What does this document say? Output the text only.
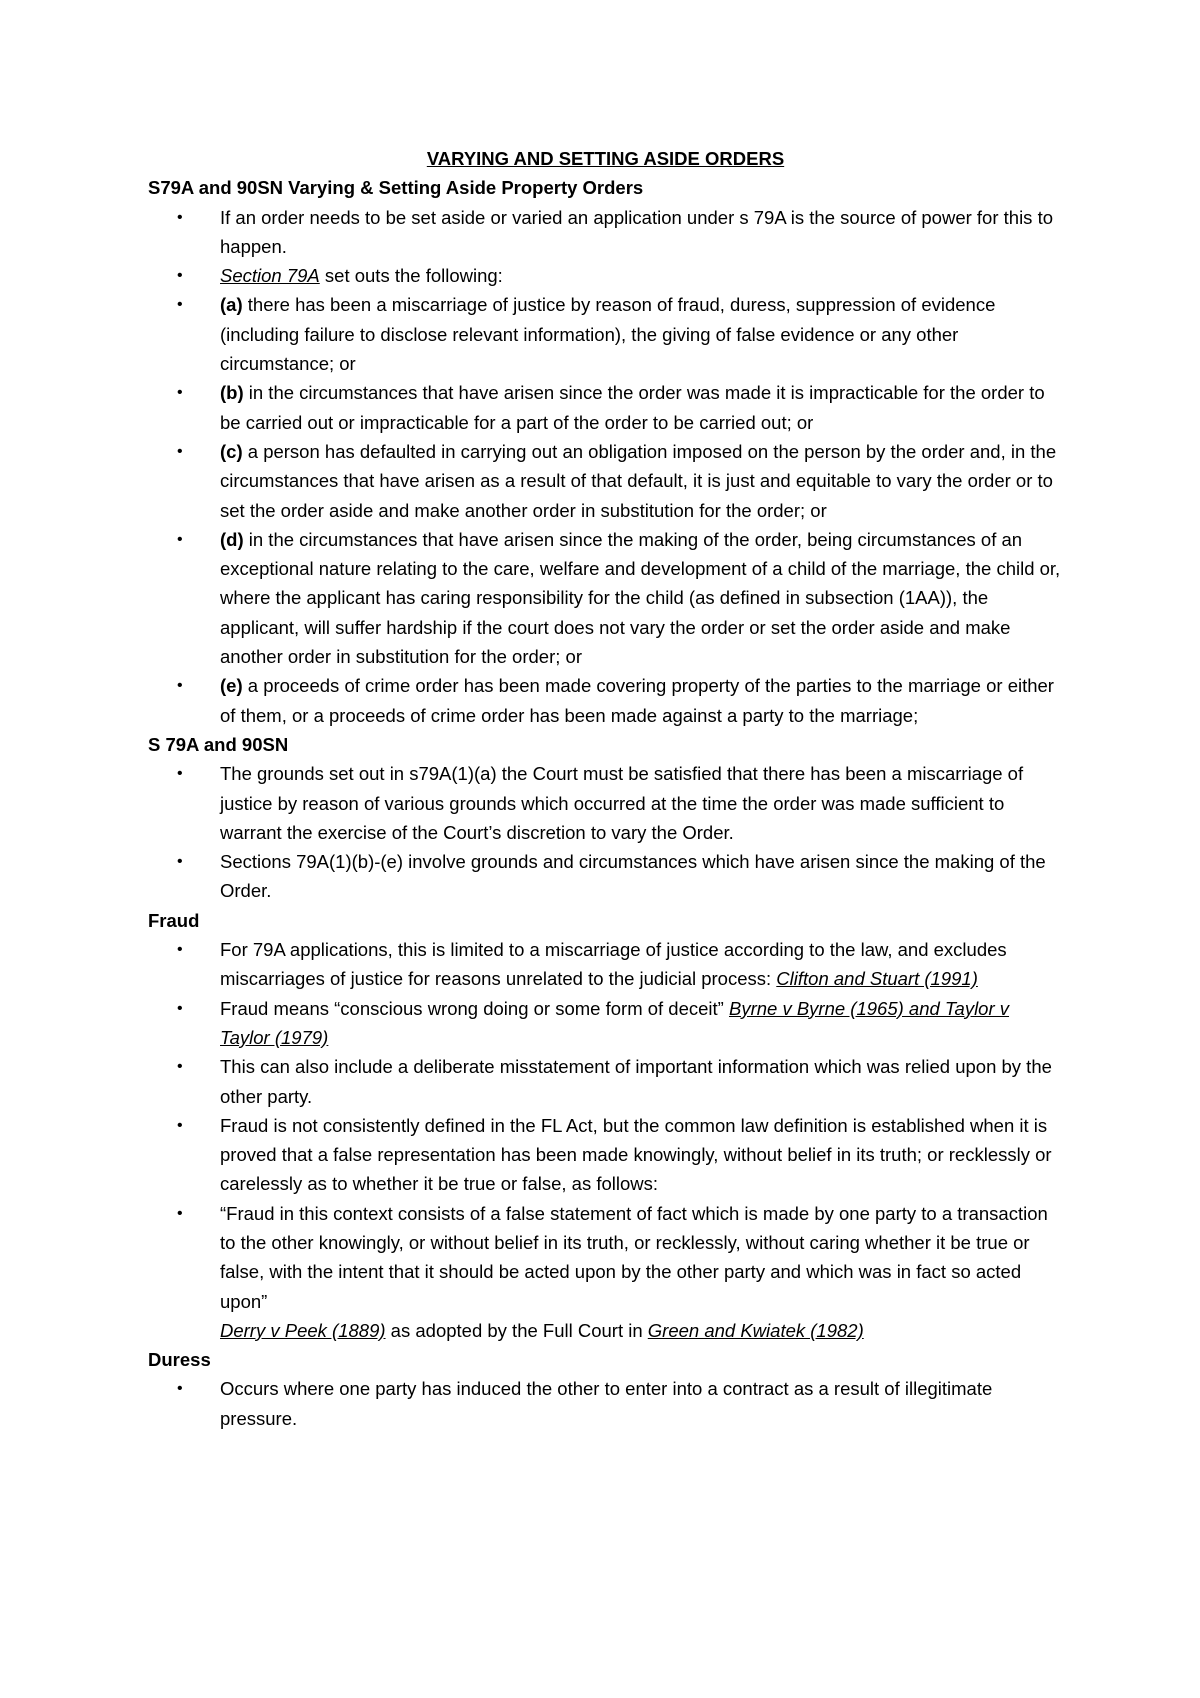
VARYING AND SETTING ASIDE ORDERS
S79A and 90SN Varying & Setting Aside Property Orders
• If an order needs to be set aside or varied an application under s 79A is the source of power for this to happen.
• Section 79A set outs the following:
• (a) there has been a miscarriage of justice by reason of fraud, duress, suppression of evidence (including failure to disclose relevant information), the giving of false evidence or any other circumstance; or
• (b) in the circumstances that have arisen since the order was made it is impracticable for the order to be carried out or impracticable for a part of the order to be carried out; or
• (c) a person has defaulted in carrying out an obligation imposed on the person by the order and, in the circumstances that have arisen as a result of that default, it is just and equitable to vary the order or to set the order aside and make another order in substitution for the order; or
• (d) in the circumstances that have arisen since the making of the order, being circumstances of an exceptional nature relating to the care, welfare and development of a child of the marriage, the child or, where the applicant has caring responsibility for the child (as defined in subsection (1AA)), the applicant, will suffer hardship if the court does not vary the order or set the order aside and make another order in substitution for the order; or
• (e) a proceeds of crime order has been made covering property of the parties to the marriage or either of them, or a proceeds of crime order has been made against a party to the marriage;
S 79A and 90SN
• The grounds set out in s79A(1)(a) the Court must be satisfied that there has been a miscarriage of justice by reason of various grounds which occurred at the time the order was made sufficient to warrant the exercise of the Court’s discretion to vary the Order.
• Sections 79A(1)(b)-(e) involve grounds and circumstances which have arisen since the making of the Order.
Fraud
• For 79A applications, this is limited to a miscarriage of justice according to the law, and excludes miscarriages of justice for reasons unrelated to the judicial process: Clifton and Stuart (1991)
• Fraud means “conscious wrong doing or some form of deceit” Byrne v Byrne (1965) and Taylor v Taylor (1979)
• This can also include a deliberate misstatement of important information which was relied upon by the other party.
• Fraud is not consistently defined in the FL Act, but the common law definition is established when it is proved that a false representation has been made knowingly, without belief in its truth; or recklessly or carelessly as to whether it be true or false, as follows:
• “Fraud in this context consists of a false statement of fact which is made by one party to a transaction to the other knowingly, or without belief in its truth, or recklessly, without caring whether it be true or false, with the intent that it should be acted upon by the other party and which was in fact so acted upon”
Derry v Peek (1889) as adopted by the Full Court in Green and Kwiatek (1982)
Duress
• Occurs where one party has induced the other to enter into a contract as a result of illegitimate pressure.
